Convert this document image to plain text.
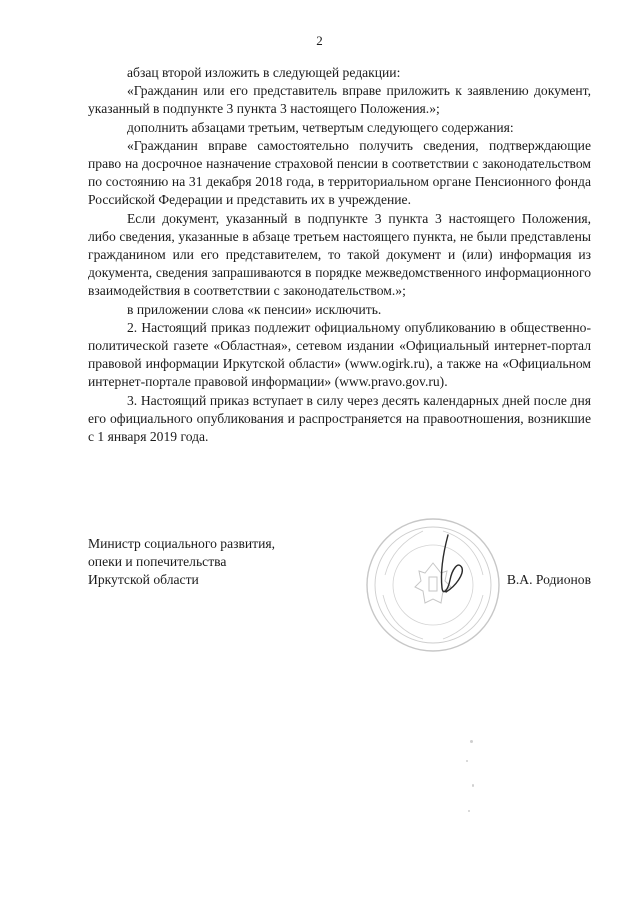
2

абзац второй изложить в следующей редакции:

«Гражданин или его представитель вправе приложить к заявлению документ, указанный в подпункте 3 пункта 3 настоящего Положения.»;

дополнить абзацами третьим, четвертым следующего содержания:

«Гражданин вправе самостоятельно получить сведения, подтверждающие право на досрочное назначение страховой пенсии в соответствии с законодательством по состоянию на 31 декабря 2018 года, в территориальном органе Пенсионного фонда Российской Федерации и представить их в учреждение.

Если документ, указанный в подпункте 3 пункта 3 настоящего Положения, либо сведения, указанные в абзаце третьем настоящего пункта, не были представлены гражданином или его представителем, то такой документ и (или) информация из документа, сведения запрашиваются в порядке межведомственного информационного взаимодействия в соответствии с законодательством.»;

в приложении слова «к пенсии» исключить.

2. Настоящий приказ подлежит официальному опубликованию в общественно-политической газете «Областная», сетевом издании «Официальный интернет-портал правовой информации Иркутской области» (www.ogirk.ru), а также на «Официальном интернет-портале правовой информации» (www.pravo.gov.ru).

3. Настоящий приказ вступает в силу через десять календарных дней после дня его официального опубликования и распространяется на правоотношения, возникшие с 1 января 2019 года.

Министр социального развития,
опеки и попечительства
Иркутской области	В.А. Родионов
